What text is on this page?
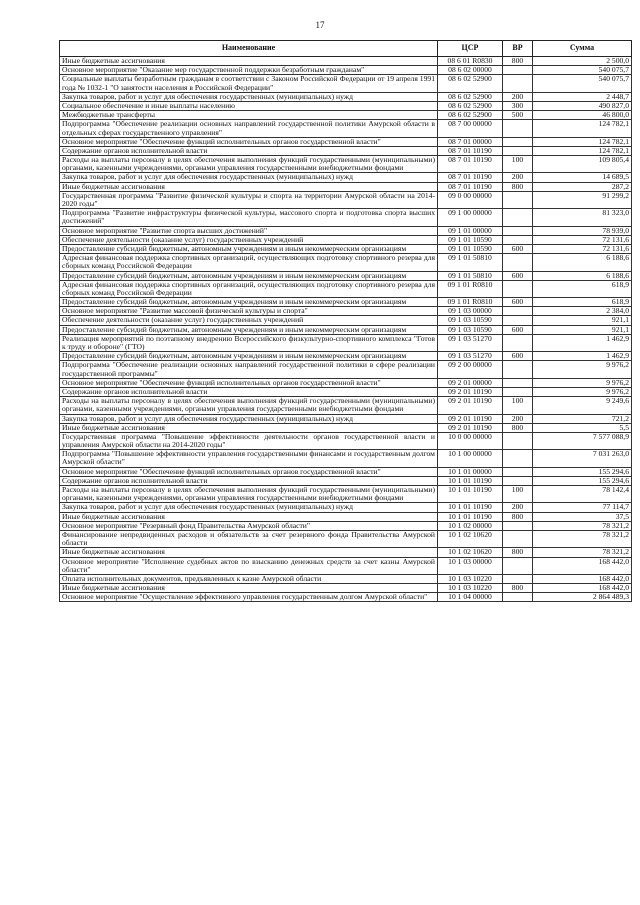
17
Наименование	ЦСР	ВР	Сумма
Иные бюджетные ассигнования	08 6 01 R0830	800	2 500,0
Основное мероприятие "Оказание мер государственной поддержки безработным гражданам"	08 6 02 00000		540 075,7
Социальные выплаты безработным гражданам в соответствии с Законом Российской Федерации от 19 апреля 1991 года № 1032-1 "О занятости населения в Российской Федерации"	08 6 02 52900		540 075,7
Закупка товаров, работ и услуг для обеспечения государственных (муниципальных) нужд	08 6 02 52900	200	2 448,7
Социальное обеспечение и иные выплаты населению	08 6 02 52900	300	490 827,0
Межбюджетные трансферты	08 6 02 52900	500	46 800,0
Подпрограмма "Обеспечение реализации основных направлений государственной политики Амурской области в отдельных сферах государственного управления"	08 7 00 00000		124 782,1
Основное мероприятие "Обеспечение функций исполнительных органов государственной власти"	08 7 01 00000		124 782,1
Содержание органов исполнительной власти	08 7 01 10190		124 782,1
Расходы на выплаты персоналу в целях обеспечения выполнения функций государственными (муниципальными) органами, казенными учреждениями, органами управления государственными внебюджетными фондами	08 7 01 10190	100	109 805,4
Закупка товаров, работ и услуг для обеспечения государственных (муниципальных) нужд	08 7 01 10190	200	14 689,5
Иные бюджетные ассигнования	08 7 01 10190	800	287,2
Государственная программа "Развитие физической культуры и спорта на территории Амурской области на 2014-2020 годы"	09 0 00 00000		91 299,2
Подпрограмма "Развитие инфраструктуры физической культуры, массового спорта и подготовка спорта высших достижений"	09 1 00 00000		81 323,0
Основное мероприятие "Развитие спорта высших достижений"	09 1 01 00000		78 939,0
Обеспечение деятельности (оказание услуг) государственных учреждений	09 1 01 10590		72 131,6
Предоставление субсидий бюджетным, автономным учреждениям и иным некоммерческим организациям	09 1 01 10590	600	72 131,6
Адресная финансовая поддержка спортивных организаций, осуществляющих подготовку спортивного резерва для сборных команд Российской Федерации	09 1 01 50810		6 188,6
Предоставление субсидий бюджетным, автономным учреждениям и иным некоммерческим организациям	09 1 01 50810	600	6 188,6
Адресная финансовая поддержка спортивных организаций, осуществляющих подготовку спортивного резерва для сборных команд Российской Федерации	09 1 01 R0810		618,9
Предоставление субсидий бюджетным, автономным учреждениям и иным некоммерческим организациям	09 1 01 R0810	600	618,9
Основное мероприятие "Развитие массовой физической культуры и спорта"	09 1 03 00000		2 384,0
Обеспечение деятельности (оказание услуг) государственных учреждений	09 1 03 10590		921,1
Предоставление субсидий бюджетным, автономным учреждениям и иным некоммерческим организациям	09 1 03 10590	600	921,1
Реализация мероприятий по поэтапному внедрению Всероссийского физкультурно-спортивного комплекса "Готов к труду и обороне" (ГТО)	09 1 03 51270		1 462,9
Предоставление субсидий бюджетным, автономным учреждениям и иным некоммерческим организациям	09 1 03 51270	600	1 462,9
Подпрограмма "Обеспечение реализации основных направлений государственной политики в сфере реализации государственной программы"	09 2 00 00000		9 976,2
Основное мероприятие "Обеспечение функций исполнительных органов государственной власти"	09 2 01 00000		9 976,2
Содержание органов исполнительной власти	09 2 01 10190		9 976,2
Расходы на выплаты персоналу в целях обеспечения выполнения функций государственными (муниципальными) органами, казенными учреждениями, органами управления государственными внебюджетными фондами	09 2 01 10190	100	9 249,6
Закупка товаров, работ и услуг для обеспечения государственных (муниципальных) нужд	09 2 01 10190	200	721,2
Иные бюджетные ассигнования	09 2 01 10190	800	5,5
Государственная программа "Повышение эффективности деятельности органов государственной власти и управления Амурской области на 2014-2020 годы"	10 0 00 00000		7 577 088,9
Подпрограмма "Повышение эффективности управления государственными финансами и государственным долгом Амурской области"	10 1 00 00000		7 031 263,0
Основное мероприятие "Обеспечение функций исполнительных органов государственной власти"	10 1 01 00000		155 294,6
Содержание органов исполнительной власти	10 1 01 10190		155 294,6
Расходы на выплаты персоналу в целях обеспечения выполнения функций государственными (муниципальными) органами, казенными учреждениями, органами управления государственными внебюджетными фондами	10 1 01 10190	100	78 142,4
Закупка товаров, работ и услуг для обеспечения государственных (муниципальных) нужд	10 1 01 10190	200	77 114,7
Иные бюджетные ассигнования	10 1 01 10190	800	37,5
Основное мероприятие "Резервный фонд Правительства Амурской области"	10 1 02 00000		78 321,2
Финансирование непредвиденных расходов и обязательств за счет резервного фонда Правительства Амурской области	10 1 02 10620		78 321,2
Иные бюджетные ассигнования	10 1 02 10620	800	78 321,2
Основное мероприятие "Исполнение судебных актов по взысканию денежных средств за счет казны Амурской области"	10 1 03 00000		168 442,0
Оплата исполнительных документов, предъявленных к казне Амурской области	10 1 03 10220		168 442,0
Иные бюджетные ассигнования	10 1 03 10220	800	168 442,0
Основное мероприятие "Осуществление эффективного управления государственным долгом Амурской области"	10 1 04 00000		2 864 489,3
